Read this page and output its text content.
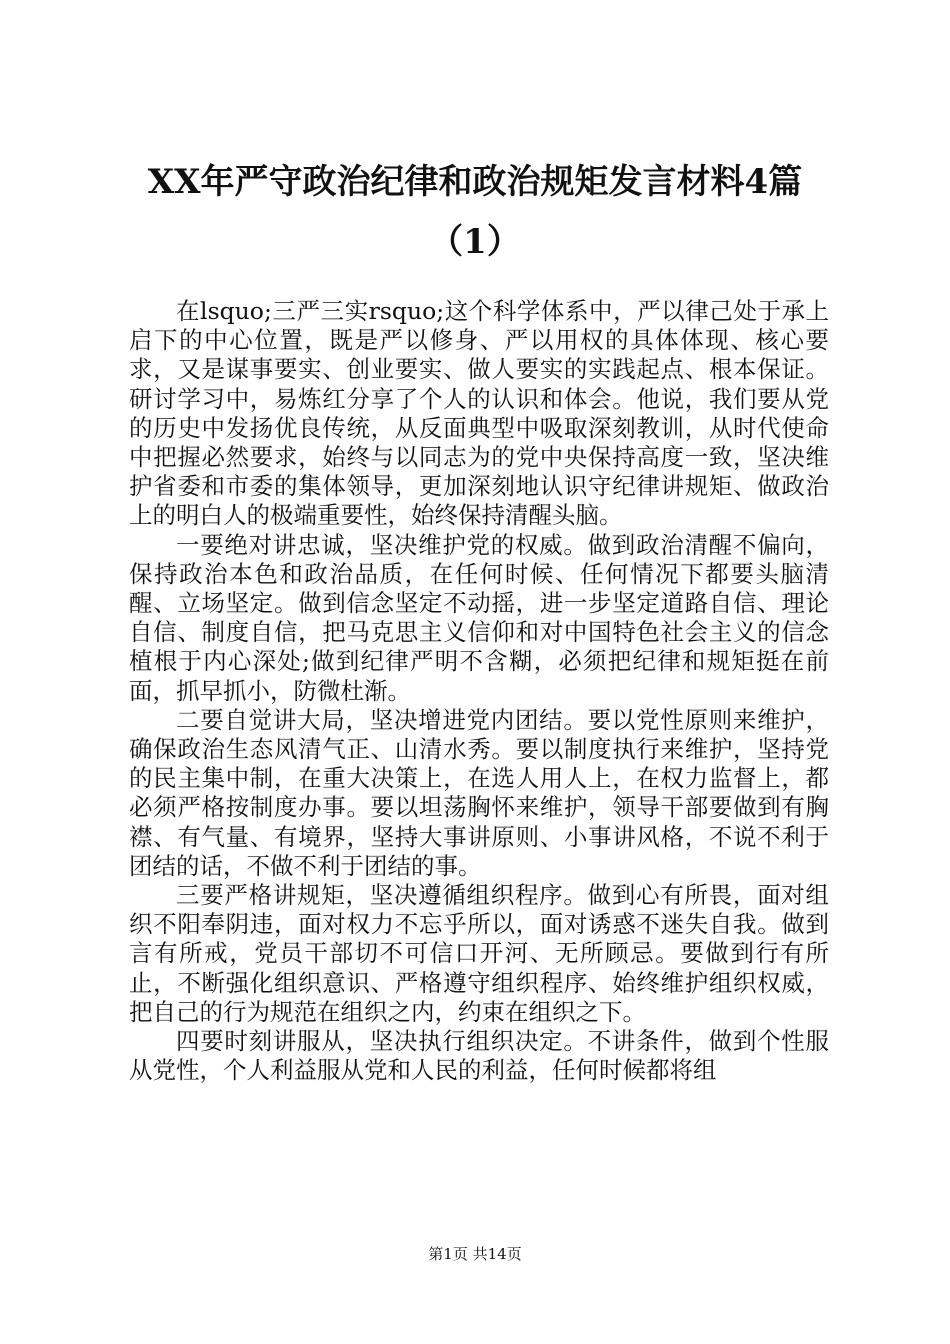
XX年严守政治纪律和政治规矩发言材料4篇
（1）

在lsquo;三严三实rsquo;这个科学体系中，严以律己处于承上启下的中心位置，既是严以修身、严以用权的具体体现、核心要求，又是谋事要实、创业要实、做人要实的实践起点、根本保证。研讨学习中，易炼红分享了个人的认识和体会。他说，我们要从党的历史中发扬优良传统，从反面典型中吸取深刻教训，从时代使命中把握必然要求，始终与以同志为的党中央保持高度一致，坚决维护省委和市委的集体领导，更加深刻地认识守纪律讲规矩、做政治上的明白人的极端重要性，始终保持清醒头脑。

一要绝对讲忠诚，坚决维护党的权威。做到政治清醒不偏向，保持政治本色和政治品质，在任何时候、任何情况下都要头脑清醒、立场坚定。做到信念坚定不动摇，进一步坚定道路自信、理论自信、制度自信，把马克思主义信仰和对中国特色社会主义的信念植根于内心深处;做到纪律严明不含糊，必须把纪律和规矩挺在前面，抓早抓小，防微杜渐。

二要自觉讲大局，坚决增进党内团结。要以党性原则来维护，确保政治生态风清气正、山清水秀。要以制度执行来维护，坚持党的民主集中制，在重大决策上，在选人用人上，在权力监督上，都必须严格按制度办事。要以坦荡胸怀来维护，领导干部要做到有胸襟、有气量、有境界，坚持大事讲原则、小事讲风格，不说不利于团结的话，不做不利于团结的事。

三要严格讲规矩，坚决遵循组织程序。做到心有所畏，面对组织不阳奉阴违，面对权力不忘乎所以，面对诱惑不迷失自我。做到言有所戒，党员干部切不可信口开河、无所顾忌。要做到行有所止，不断强化组织意识、严格遵守组织程序、始终维护组织权威，把自己的行为规范在组织之内，约束在组织之下。

四要时刻讲服从，坚决执行组织决定。不讲条件，做到个性服从党性，个人利益服从党和人民的利益，任何时候都将组

第1页 共14页
